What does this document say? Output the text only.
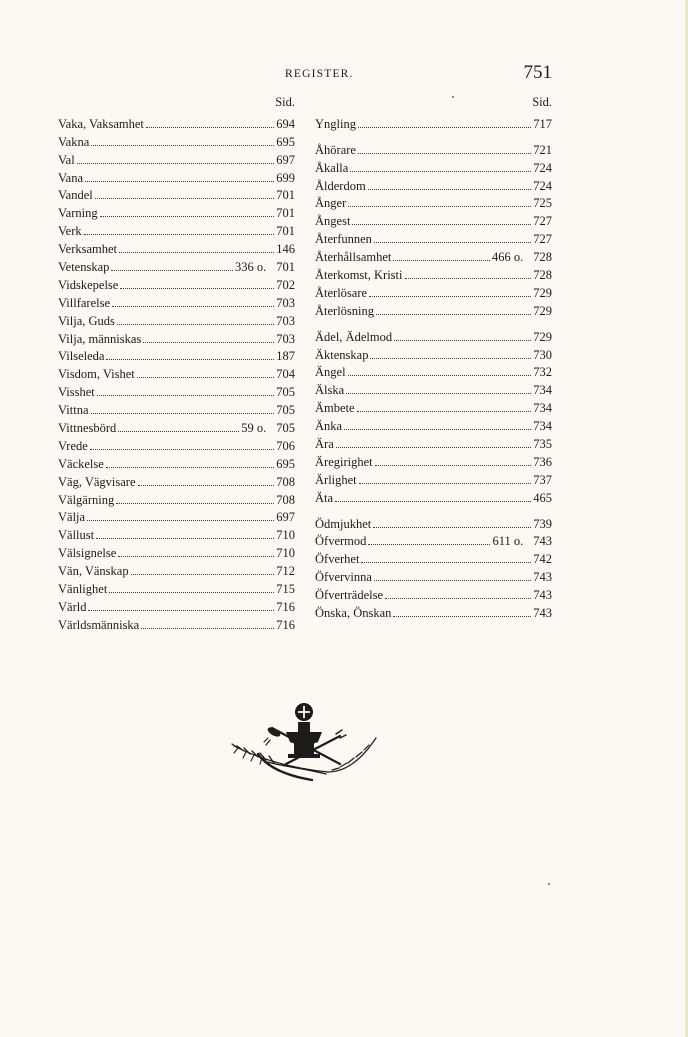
REGISTER.	751
Sid.
Vaka, Vaksamhet	694
Vakna	695
Val	697
Vana	699
Vandel	701
Varning	701
Verk	701
Verksamhet	146
Vetenskap	336 o. 701
Vidskepelse	702
Villfarelse	703
Vilja, Guds	703
Vilja, människas	703
Vilseleda	187
Visdom, Vishet	704
Visshet	705
Vittna	705
Vittnesbörd	59 o. 705
Vrede	706
Väckelse	695
Väg, Vägvisare	708
Välgärning	708
Välja	697
Vällust	710
Välsignelse	710
Vän, Vänskap	712
Vänlighet	715
Värld	716
Världsmänniska	716
Sid.
Yngling	717
Åhörare	721
Åkalla	724
Ålderdom	724
Ånger	725
Ångest	727
Återfunnen	727
Återhållsamhet	466 o. 728
Återkomst, Kristi	728
Återlösare	729
Återlösning	729
Ädel, Ädelmod	729
Äktenskap	730
Ängel	732
Älska	734
Ämbete	734
Änka	734
Ära	735
Äregirighet	736
Ärlighet	737
Äta	465
Ödmjukhet	739
Öfvermod	611 o. 743
Öfverhet	742
Öfvervinna	743
Öfverträdelse	743
Önska, Önskan	743
